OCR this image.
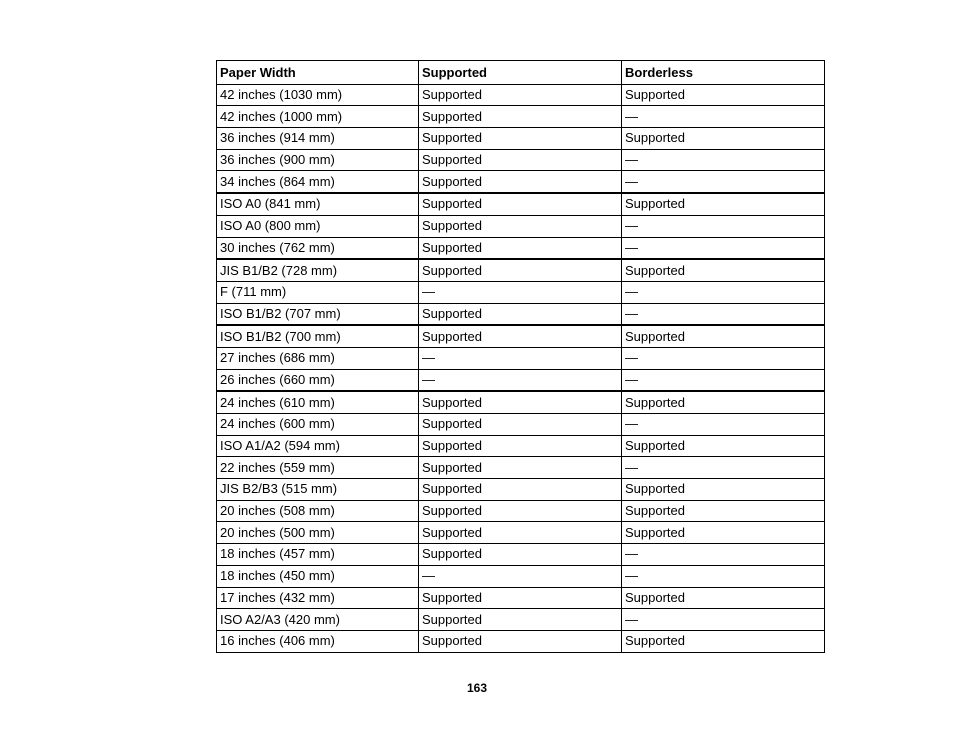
Paper Width	Supported	Borderless
42 inches (1030 mm)	Supported	Supported
42 inches (1000 mm)	Supported	—
36 inches (914 mm)	Supported	Supported
36 inches (900 mm)	Supported	—
34 inches (864 mm)	Supported	—
ISO A0 (841 mm)	Supported	Supported
ISO A0 (800 mm)	Supported	—
30 inches (762 mm)	Supported	—
JIS B1/B2 (728 mm)	Supported	Supported
F (711 mm)	—	—
ISO B1/B2 (707 mm)	Supported	—
ISO B1/B2 (700 mm)	Supported	Supported
27 inches (686 mm)	—	—
26 inches (660 mm)	—	—
24 inches (610 mm)	Supported	Supported
24 inches (600 mm)	Supported	—
ISO A1/A2 (594 mm)	Supported	Supported
22 inches (559 mm)	Supported	—
JIS B2/B3 (515 mm)	Supported	Supported
20 inches (508 mm)	Supported	Supported
20 inches (500 mm)	Supported	Supported
18 inches (457 mm)	Supported	—
18 inches (450 mm)	—	—
17 inches (432 mm)	Supported	Supported
ISO A2/A3 (420 mm)	Supported	—
16 inches (406 mm)	Supported	Supported
163
